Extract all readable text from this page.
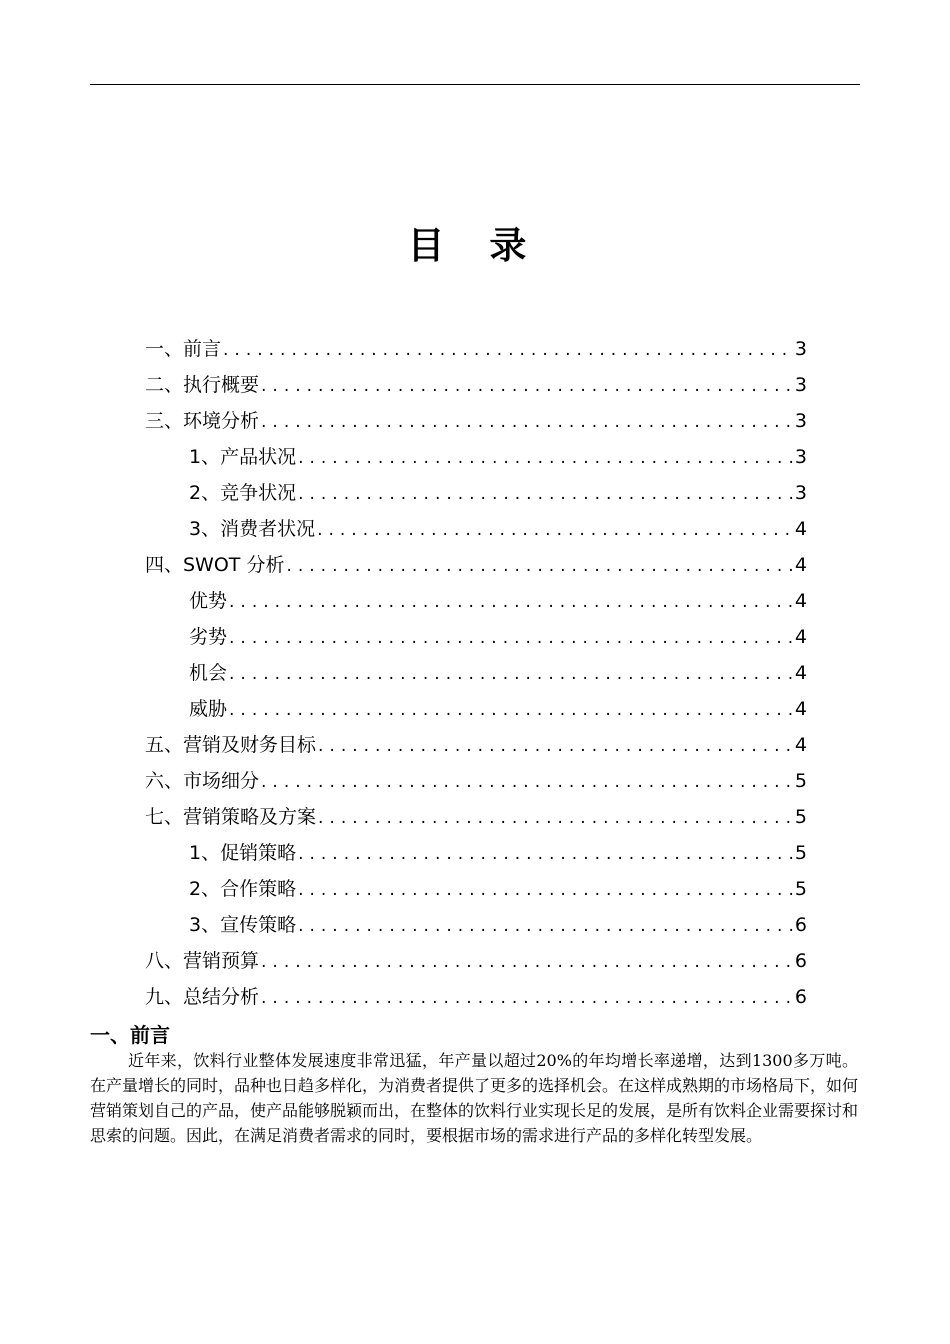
目 录
一、前言 .....	3
二、执行概要 .....	3
三、环境分析 .....	3
1、产品状况 .....	3
2、竞争状况 .....	3
3、消费者状况 .....	4
四、SWOT 分析 .....	4
优势 .....	4
劣势 .....	4
机会 .....	4
威胁 .....	4
五、营销及财务目标 .....	4
六、市场细分 .....	5
七、营销策略及方案 .....	5
1、促销策略 .....	5
2、合作策略 .....	5
3、宣传策略 .....	6
八、营销预算 .....	6
九、总结分析 .....	6
一、前言

近年来，饮料行业整体发展速度非常迅猛，年产量以超过20%的年均增长率递增，达到1300多万吨。在产量增长的同时，品种也日趋多样化，为消费者提供了更多的选择机会。在这样成熟期的市场格局下，如何营销策划自己的产品，使产品能够脱颖而出，在整体的饮料行业实现长足的发展，是所有饮料企业需要探讨和思索的问题。因此，在满足消费者需求的同时，要根据市场的需求进行产品的多样化转型发展。
